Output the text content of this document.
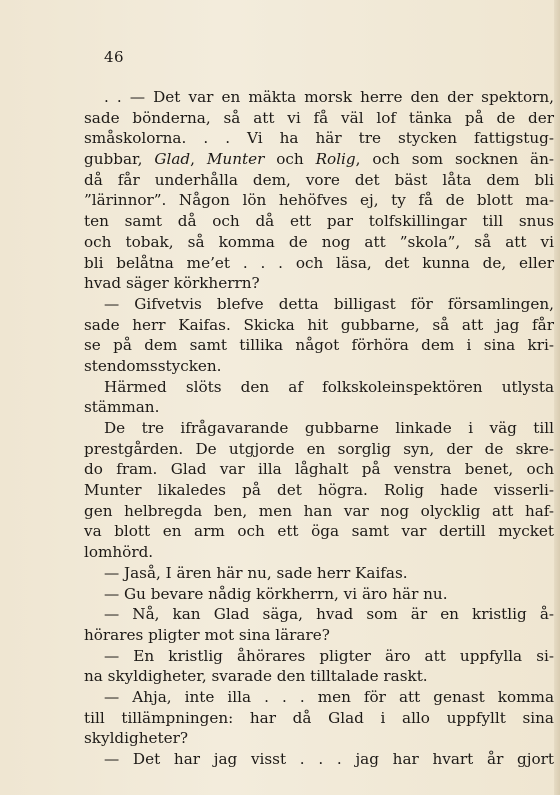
46
. . — Det var en mäkta morsk herre den der spektorn,
sade bönderna, så att vi få väl lof tänka på de der
småskolorna. . . Vi ha här tre stycken fattigstug-
gubbar, Glad, Munter och Rolig, och som socknen än-
då får underhålla dem, vore det bäst låta dem bli
”lärinnor”. Någon lön hehöfves ej, ty få de blott ma-
ten samt då och då ett par tolfskillingar till snus
och tobak, så komma de nog att ”skola”, så att vi
bli belåtna me’et . . . och läsa, det kunna de, eller
hvad säger körkherrn?
— Gifvetvis blefve detta billigast för församlingen,
sade herr Kaifas. Skicka hit gubbarne, så att jag får
se på dem samt tillika något förhöra dem i sina kri-
stendomsstycken.
Härmed slöts den af folkskoleinspektören utlysta
stämman.
De tre ifrågavarande gubbarne linkade i väg till
prestgården. De utgjorde en sorglig syn, der de skre-
do fram. Glad var illa låghalt på venstra benet, och
Munter likaledes på det högra. Rolig hade visserli-
gen helbregda ben, men han var nog olycklig att haf-
va blott en arm och ett öga samt var dertill mycket
lomhörd.
— Jaså, I ären här nu, sade herr Kaifas.
— Gu bevare nådig körkherrn, vi äro här nu.
— Nå, kan Glad säga, hvad som är en kristlig å-
hörares pligter mot sina lärare?
— En kristlig åhörares pligter äro att uppfylla si-
na skyldigheter, svarade den tilltalade raskt.
— Ahja, inte illa . . . men för att genast komma
till tillämpningen: har då Glad i allo uppfyllt sina
skyldigheter?
— Det har jag visst . . . jag har hvart år gjort
